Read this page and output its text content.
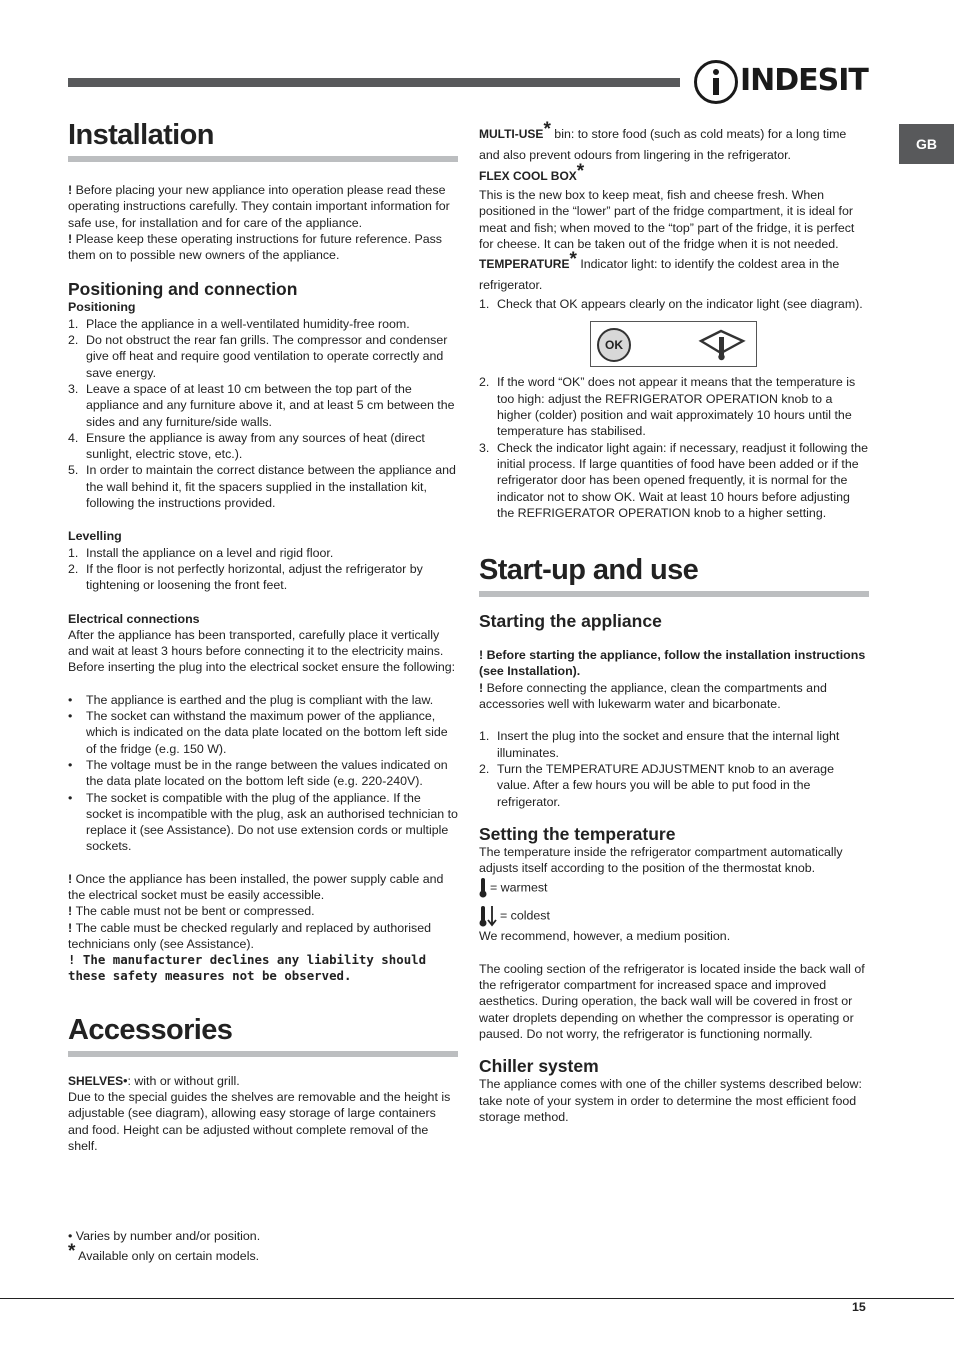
INDESIT
GB
Installation

! Before placing your new appliance into operation please read these operating instructions carefully. They contain important information for safe use, for installation and for care of the appliance.

! Please keep these operating instructions for future reference. Pass them on to possible new owners of the appliance.

Positioning and connection
Positioning
1. Place the appliance in a well-ventilated humidity-free room.
2. Do not obstruct the rear fan grills. The compressor and condenser give off heat and require good ventilation to operate correctly and save energy.
3. Leave a space of at least 10 cm between the top part of the appliance and any furniture above it, and at least 5 cm between the sides and any furniture/side walls.
4. Ensure the appliance is away from any sources of heat (direct sunlight, electric stove, etc.).
5. In order to maintain the correct distance between the appliance and the wall behind it, fit the spacers supplied in the installation kit, following the instructions provided.
Levelling
1. Install the appliance on a level and rigid floor.
2. If the floor is not perfectly horizontal, adjust the refrigerator by tightening or loosening the front feet.
Electrical connections

After the appliance has been transported, carefully place it vertically and wait at least 3 hours before connecting it to the electricity mains. Before inserting the plug into the electrical socket ensure the following:

• The appliance is earthed and the plug is compliant with the law.
• The socket can withstand the maximum power of the appliance, which is indicated on the data plate located on the bottom left side of the fridge (e.g. 150 W).
• The voltage must be in the range between the values indicated on the data plate located on the bottom left side (e.g. 220-240V).
• The socket is compatible with the plug of the appliance. If the socket is incompatible with the plug, ask an authorised technician to replace it (see Assistance). Do not use extension cords or multiple sockets.

! Once the appliance has been installed, the power supply cable and the electrical socket must be easily accessible.

! The cable must not be bent or compressed.

! The cable must be checked regularly and replaced by authorised technicians only (see Assistance).

! The manufacturer declines any liability should these safety measures not be observed.

Accessories

SHELVES•: with or without grill.

Due to the special guides the shelves are removable and the height is adjustable (see diagram), allowing easy storage of large containers and food. Height can be adjusted without complete removal of the shelf.

• Varies by number and/or position.
* Available only on certain models.

MULTI-USE* bin: to store food (such as cold meats) for a long time and also prevent odours from lingering in the refrigerator.

FLEX COOL BOX*

This is the new box to keep meat, fish and cheese fresh. When positioned in the “lower” part of the fridge compartment, it is ideal for meat and fish; when moved to the “top” part of the fridge, it is perfect for cheese. It can be taken out of the fridge when it is not needed.

TEMPERATURE* Indicator light: to identify the coldest area in the refrigerator.

1. Check that OK appears clearly on the indicator light (see diagram).
OK
2. If the word “OK” does not appear it means that the temperature is too high: adjust the REFRIGERATOR OPERATION knob to a higher (colder) position and wait approximately 10 hours until the temperature has stabilised.
3. Check the indicator light again: if necessary, readjust it following the initial process. If large quantities of food have been added or if the refrigerator door has been opened frequently, it is normal for the indicator not to show OK. Wait at least 10 hours before adjusting the REFRIGERATOR OPERATION knob to a higher setting.
Start-up and use
Starting the appliance

! Before starting the appliance, follow the installation instructions (see Installation).

! Before connecting the appliance, clean the compartments and accessories well with lukewarm water and bicarbonate.

1. Insert the plug into the socket and ensure that the internal light illuminates.
2. Turn the TEMPERATURE ADJUSTMENT knob to an average value. After a few hours you will be able to put food in the refrigerator.
Setting the temperature

The temperature inside the refrigerator compartment automatically adjusts itself according to the position of the thermostat knob.

= warmest
= coldest

We recommend, however, a medium position.

The cooling section of the refrigerator is located inside the back wall of the refrigerator compartment for increased space and improved aesthetics. During operation, the back wall will be covered in frost or water droplets depending on whether the compressor is operating or paused. Do not worry, the refrigerator is functioning normally.

Chiller system

The appliance comes with one of the chiller systems described below: take note of your system in order to determine the most efficient food storage method.

15
